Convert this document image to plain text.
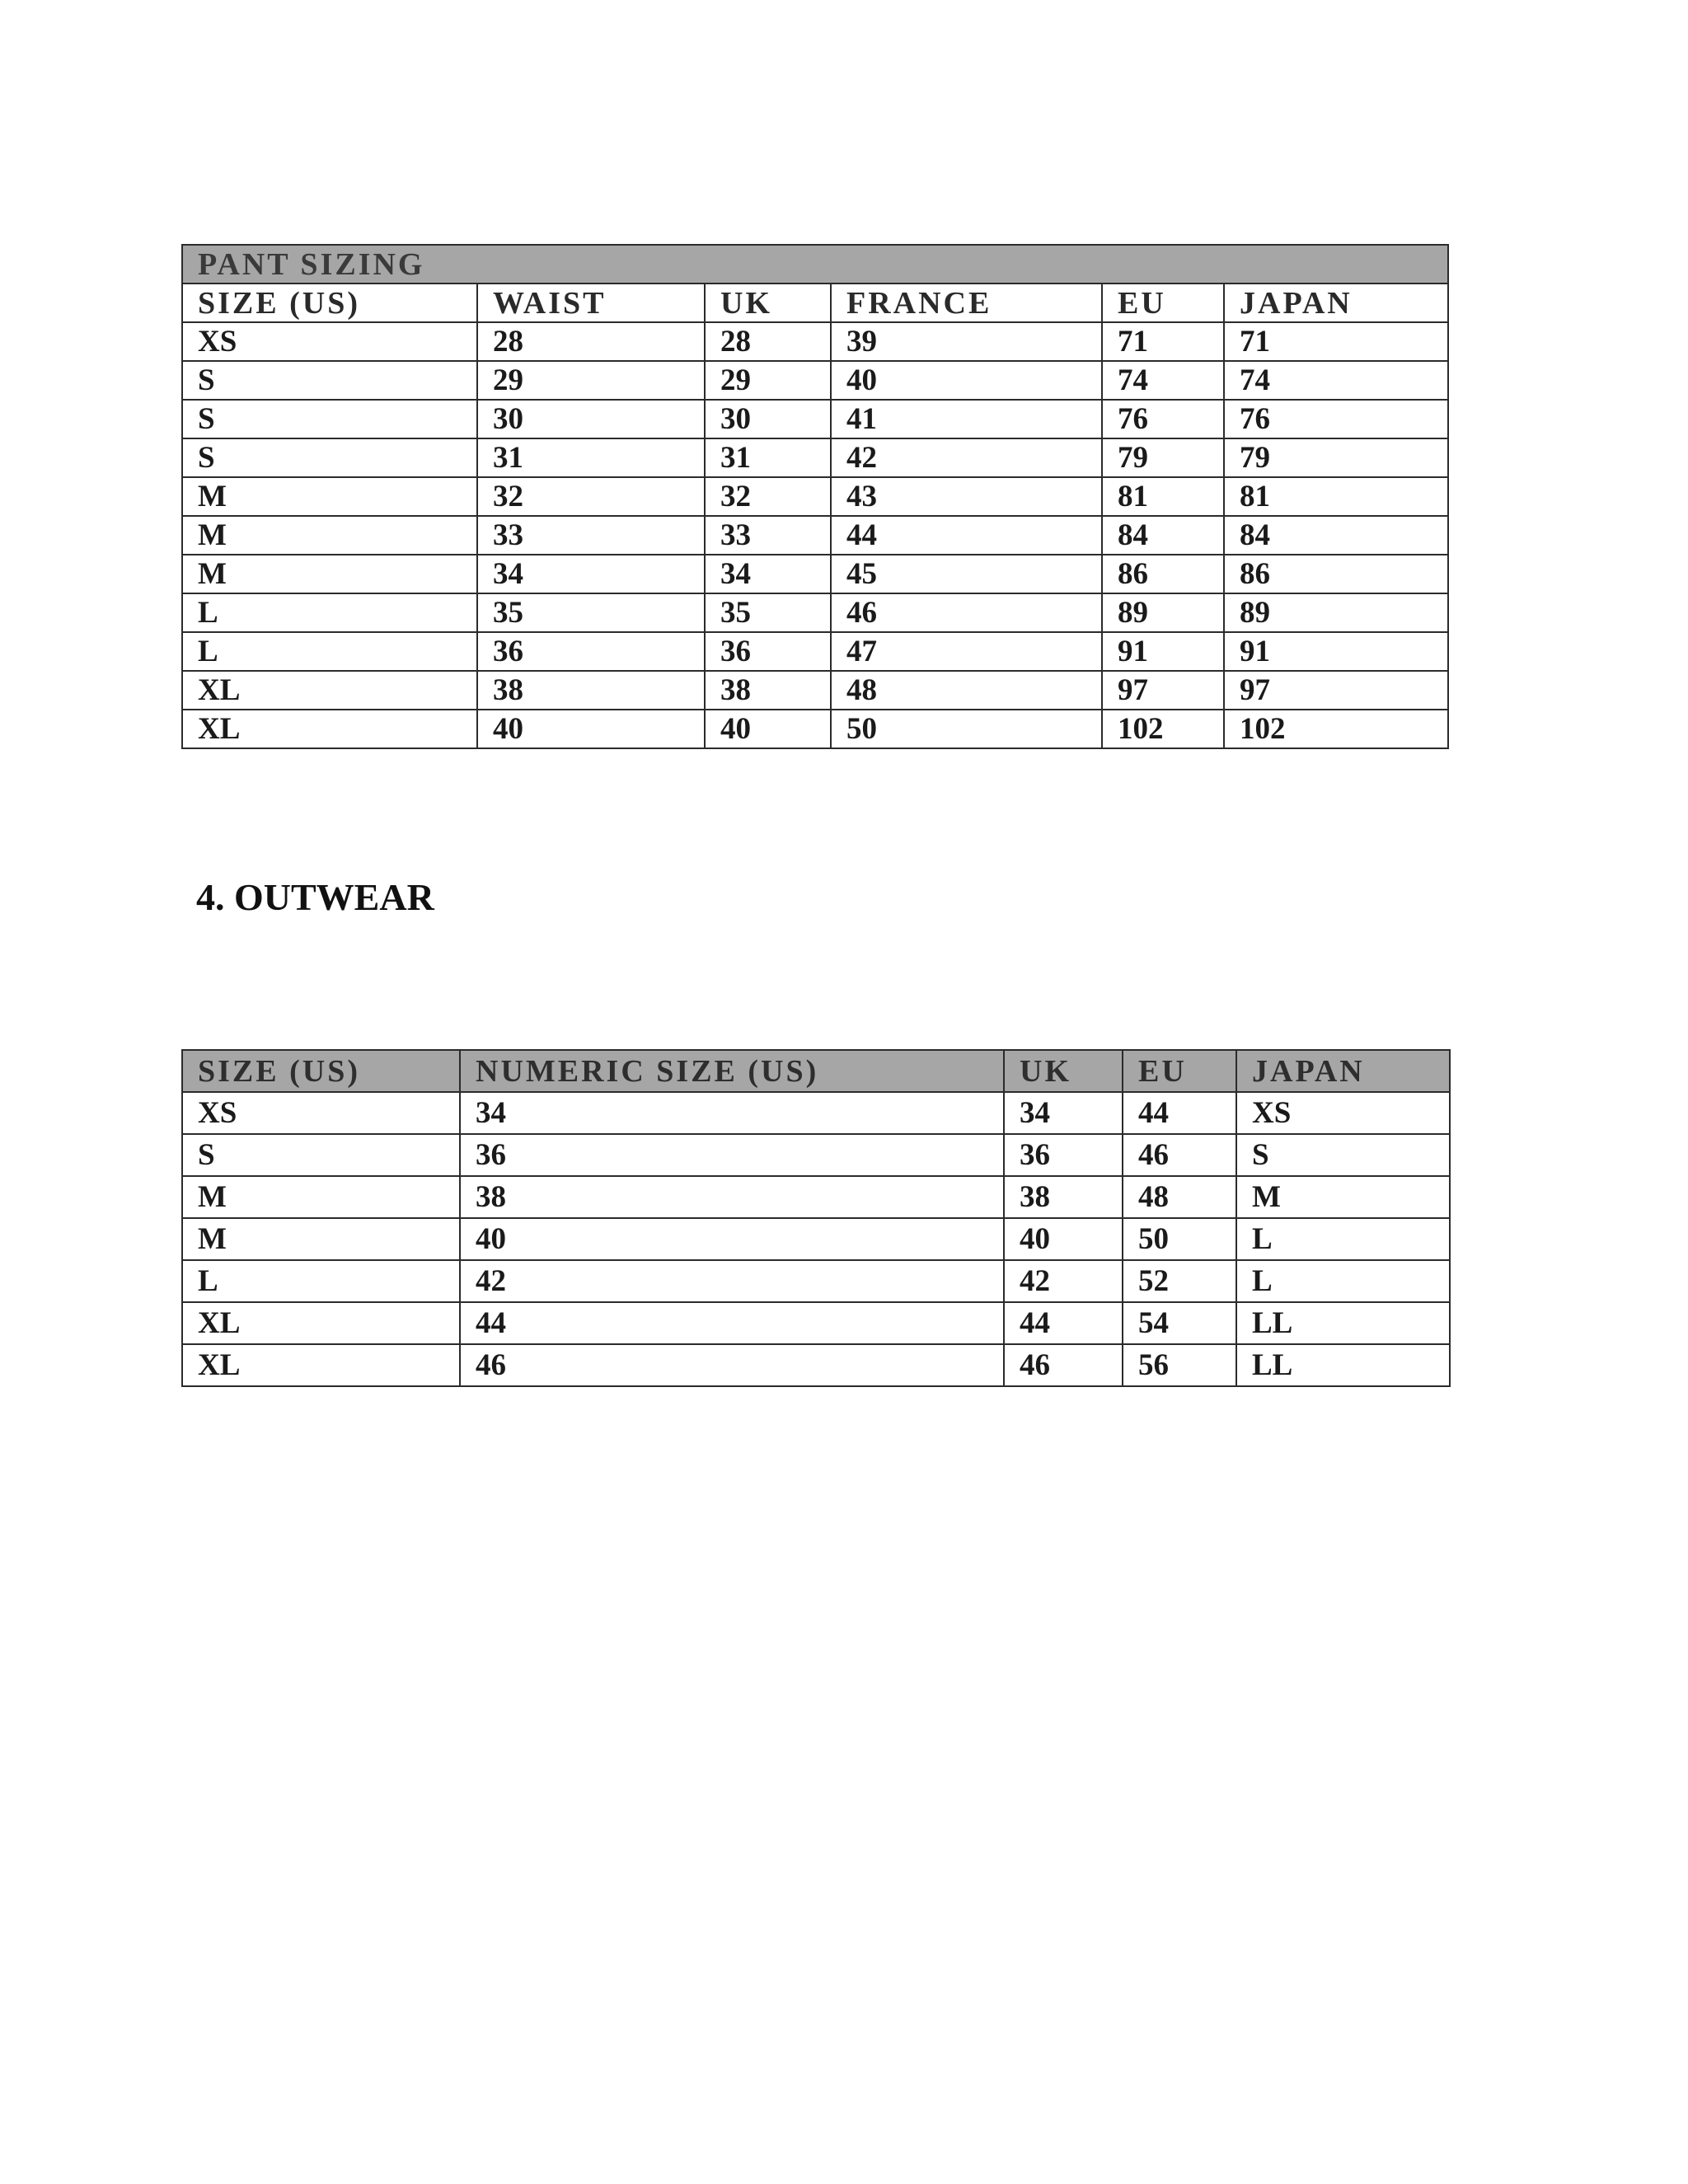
PANT SIZING					
SIZE (US)	WAIST	UK	FRANCE	EU	JAPAN
XS	28	28	39	71	71
S	29	29	40	74	74
S	30	30	41	76	76
S	31	31	42	79	79
M	32	32	43	81	81
M	33	33	44	84	84
M	34	34	45	86	86
L	35	35	46	89	89
L	36	36	47	91	91
XL	38	38	48	97	97
XL	40	40	50	102	102
4. OUTWEAR
SIZE (US)	NUMERIC SIZE (US)	UK	EU	JAPAN
XS	34	34	44	XS
S	36	36	46	S
M	38	38	48	M
M	40	40	50	L
L	42	42	52	L
XL	44	44	54	LL
XL	46	46	56	LL
